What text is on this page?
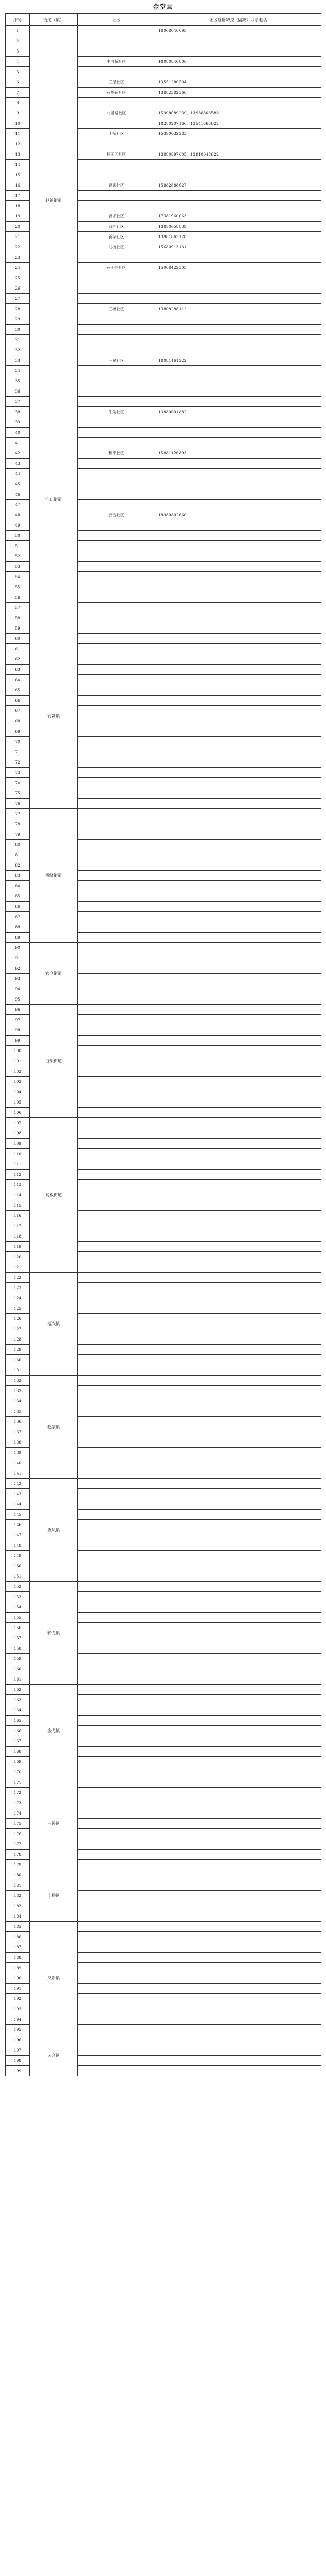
金堂县
序号	街道（镇）	社区	社区疫情防控（隔离）联系电话
1	赵镇街道		18008046095
2			
3			
4		中河桥社区	18080840806
5			
6		三星社区	13551280504
7		石桥铺社区	13882382366
8			
9		北园路社区	15908089239，13980808588
10			18280207166，13541666622
11		土桥社区	15390032283
12			
13		柯子园社区	13880897005，13910048622
14			
15			
16		曹家社区	15882888627
17			
18			
19		曹坝社区	17381960063
20		双河社区	13880658839
21		新华社区	13981865128
22		刘桥社区	15680913131
23			
24		石子井社区	15008422305
25			
26			
27			
28		三溪社区	13808288112
29			
30			
31			
32			
33		三星社区	18081161222
34			
35	淮口街道		
36			
37			
38		牛角社区	13880601882
39			
40			
41			
42		和平社区	15881126893
43			
44			
45			
46			
47			
48		云台社区	18980802666
49			
50			
51			
52			
53			
54			
55			
56			
57			
58			
59	竹篙镇		
60			
61			
62			
63			
64			
65			
66			
67			
68			
69			
70			
71			
72			
73			
74			
75			
76			
77	栖贤街道		
78			
79			
80			
81			
82			
83			
84			
85			
86			
87			
88			
89			
90	官仓街道		
91			
92			
93			
94			
95			
96	白果街道		
97			
98			
99			
100			
101			
102			
103			
104			
105			
106			
107	高板街道		
108			
109			
110			
111			
112			
113			
114			
115			
116			
117			
118			
119			
120			
121			
122	福兴镇		
123			
124			
125			
126			
127			
128			
129			
130			
131			
132	赵家镇		
133			
134			
135			
136			
137			
138			
139			
140			
141			
142	五凤镇		
143			
144			
145			
146			
147			
148			
149			
150			
151			
152	转龙镇		
153			
154			
155			
156			
157			
158			
159			
160			
161			
162	金龙镇		
163			
164			
165			
166			
167			
168			
169			
170			
171	三溪镇		
172			
173			
174			
175			
176			
177			
178			
179			
180	土桥镇		
181			
182			
183			
184			
185	又新镇		
186			
187			
188			
189			
190			
191			
192			
193			
194			
195			
196	云合镇		
197			
198			
199			
